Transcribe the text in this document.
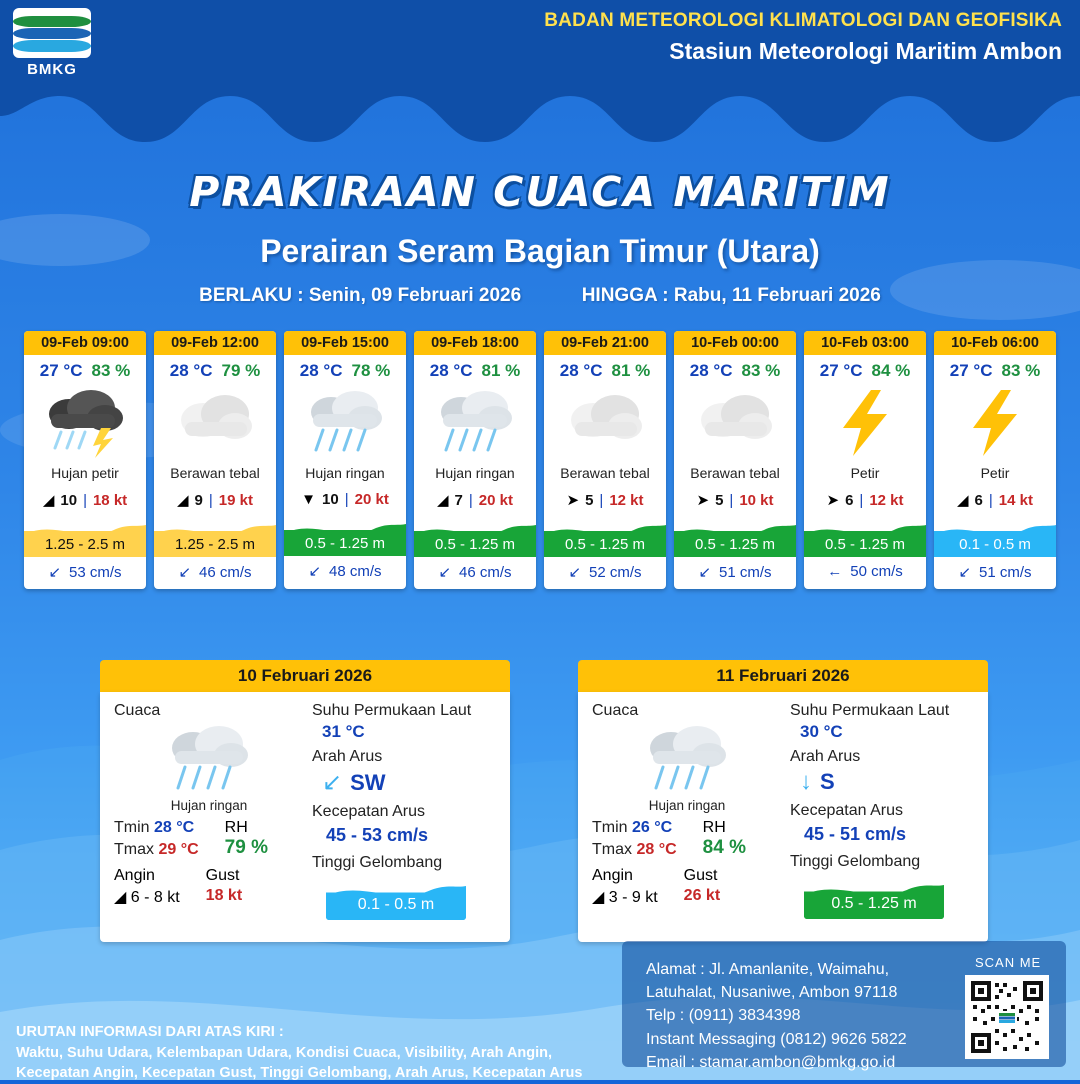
BMKG
BADAN METEOROLOGI KLIMATOLOGI DAN GEOFISIKA
Stasiun Meteorologi Maritim Ambon
PRAKIRAAN CUACA MARITIM
Perairan Seram Bagian Timur (Utara)
BERLAKU : Senin, 09 Februari 2026	HINGGA : Rabu, 11 Februari 2026
09-Feb 09:00
27 °C 83 %
Hujan petir
◢ 10 | 18 kt
1.25 - 2.5 m
↙ 53 cm/s
09-Feb 12:00
28 °C 79 %
Berawan tebal
◢ 9 | 19 kt
1.25 - 2.5 m
↙ 46 cm/s
09-Feb 15:00
28 °C 78 %
Hujan ringan
▼ 10 | 20 kt
0.5 - 1.25 m
↙ 48 cm/s
09-Feb 18:00
28 °C 81 %
Hujan ringan
◢ 7 | 20 kt
0.5 - 1.25 m
↙ 46 cm/s
09-Feb 21:00
28 °C 81 %
Berawan tebal
➤ 5 | 12 kt
0.5 - 1.25 m
↙ 52 cm/s
10-Feb 00:00
28 °C 83 %
Berawan tebal
➤ 5 | 10 kt
0.5 - 1.25 m
↙ 51 cm/s
10-Feb 03:00
27 °C 84 %
Petir
➤ 6 | 12 kt
0.5 - 1.25 m
← 50 cm/s
10-Feb 06:00
27 °C 83 %
Petir
◢ 6 | 14 kt
0.1 - 0.5 m
↙ 51 cm/s
10 Februari 2026
Cuaca
Hujan ringan
Tmin 28 °C
Tmax 29 °C
RH
79 %
Angin
◢ 6 - 8 kt
Gust
18 kt
Suhu Permukaan Laut
31 °C
Arah Arus
↙ SW
Kecepatan Arus
45 - 53 cm/s
Tinggi Gelombang
0.1 - 0.5 m
11 Februari 2026
Cuaca
Hujan ringan
Tmin 26 °C
Tmax 28 °C
RH
84 %
Angin
◢ 3 - 9 kt
Gust
26 kt
Suhu Permukaan Laut
30 °C
Arah Arus
↓ S
Kecepatan Arus
45 - 51 cm/s
Tinggi Gelombang
0.5 - 1.25 m
Alamat : Jl. Amanlanite, Waimahu,
Latuhalat, Nusaniwe, Ambon 97118
Telp : (0911) 3834398
Instant Messaging (0812) 9626 5822
Email : stamar.ambon@bmkg.go.id
SCAN ME
URUTAN INFORMASI DARI ATAS KIRI :
Waktu, Suhu Udara, Kelembapan Udara, Kondisi Cuaca, Visibility, Arah Angin,
Kecepatan Angin, Kecepatan Gust, Tinggi Gelombang, Arah Arus, Kecepatan Arus
